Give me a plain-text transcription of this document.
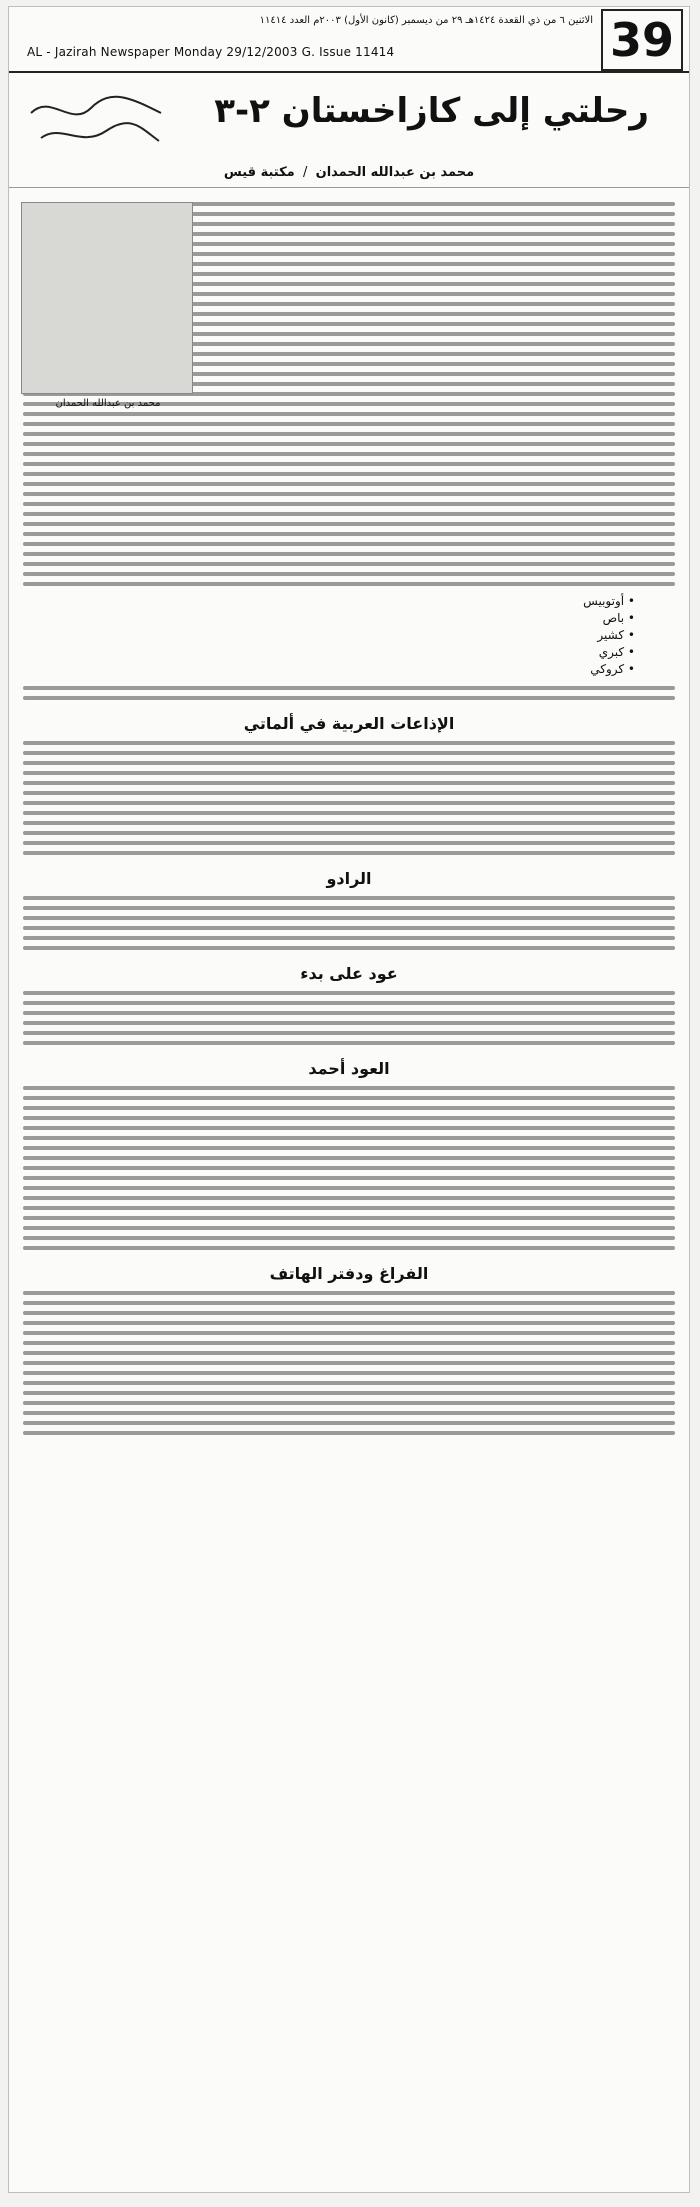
39
الاثنين ٦ من ذي القعدة ١٤٢٤هـ ٢٩ من ديسمبر (كانون الأول) ٢٠٠٣م العدد ١١٤١٤
AL - Jazirah Newspaper Monday 29/12/2003 G. Issue 11414
رحلتي إلى كازاخستان ٢-٣
محمد بن عبدالله الحمدان  /  مكتبة قيس
محمد بن عبدالله الحمدان
• أوتوبيس
• باص
• كشير
• كبري
• كروكي
الإذاعات العربية في ألماتي
الرادو
عود على بدء
العود أحمد
الفراغ ودفتر الهاتف
